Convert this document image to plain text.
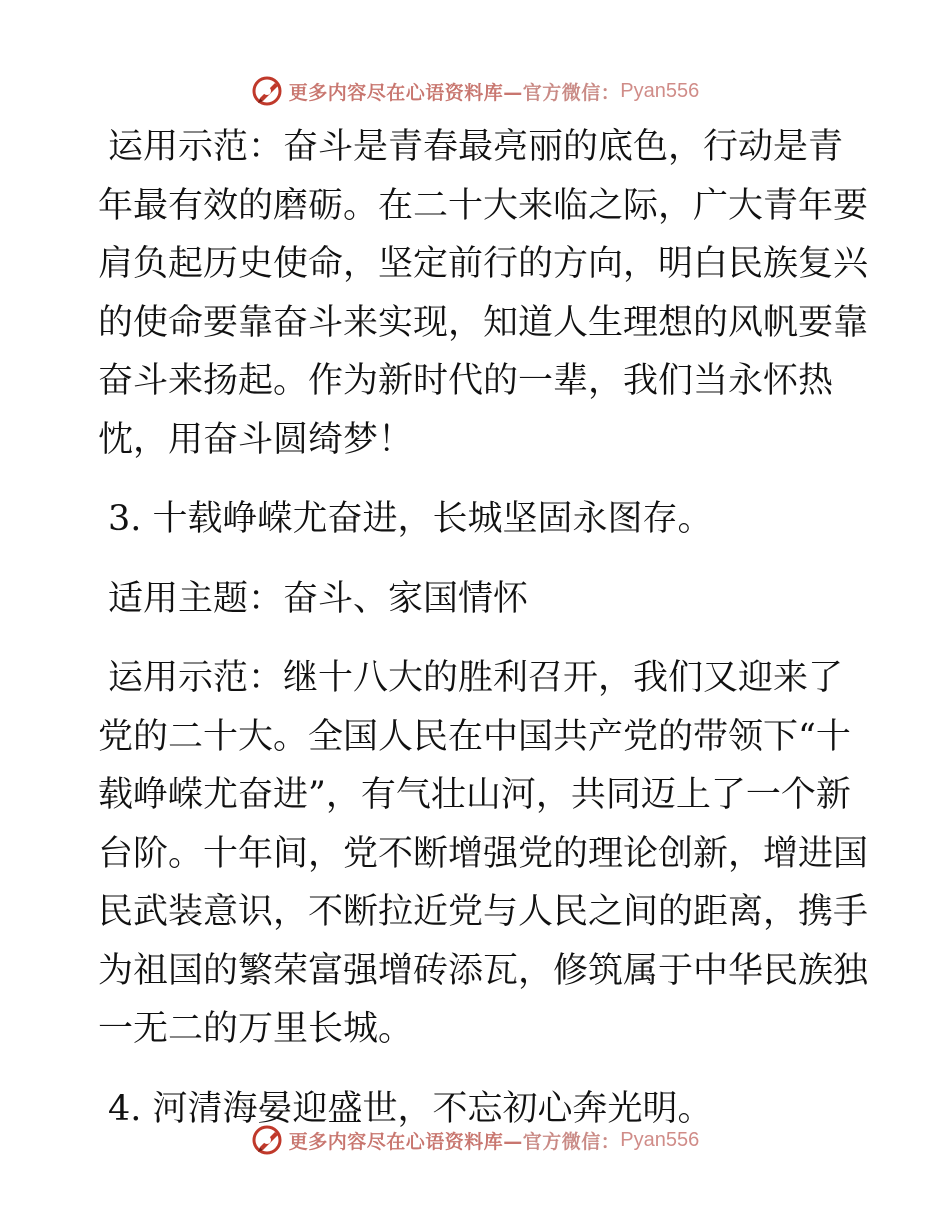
更多内容尽在心语资料库— 官方微信： Pyan556

运用示范：奋斗是青春最亮丽的底色，行动是青
年最有效的磨砺。在二十大来临之际，广大青年要
肩负起历史使命，坚定前行的方向，明白民族复兴
的使命要靠奋斗来实现，知道人生理想的风帆要靠
奋斗来扬起。作为新时代的一辈，我们当永怀热
忱，用奋斗圆绮梦！

3. 十载峥嵘尤奋进，长城坚固永图存。

适用主题：奋斗、家国情怀

运用示范：继十八大的胜利召开，我们又迎来了
党的二十大。全国人民在中国共产党的带领下“十
载峥嵘尤奋进”，有气壮山河，共同迈上了一个新
台阶。十年间，党不断增强党的理论创新，增进国
民武装意识，不断拉近党与人民之间的距离，携手
为祖国的繁荣富强增砖添瓦，修筑属于中华民族独
一无二的万里长城。

4. 河清海晏迎盛世，不忘初心奔光明。

更多内容尽在心语资料库— 官方微信： Pyan556
